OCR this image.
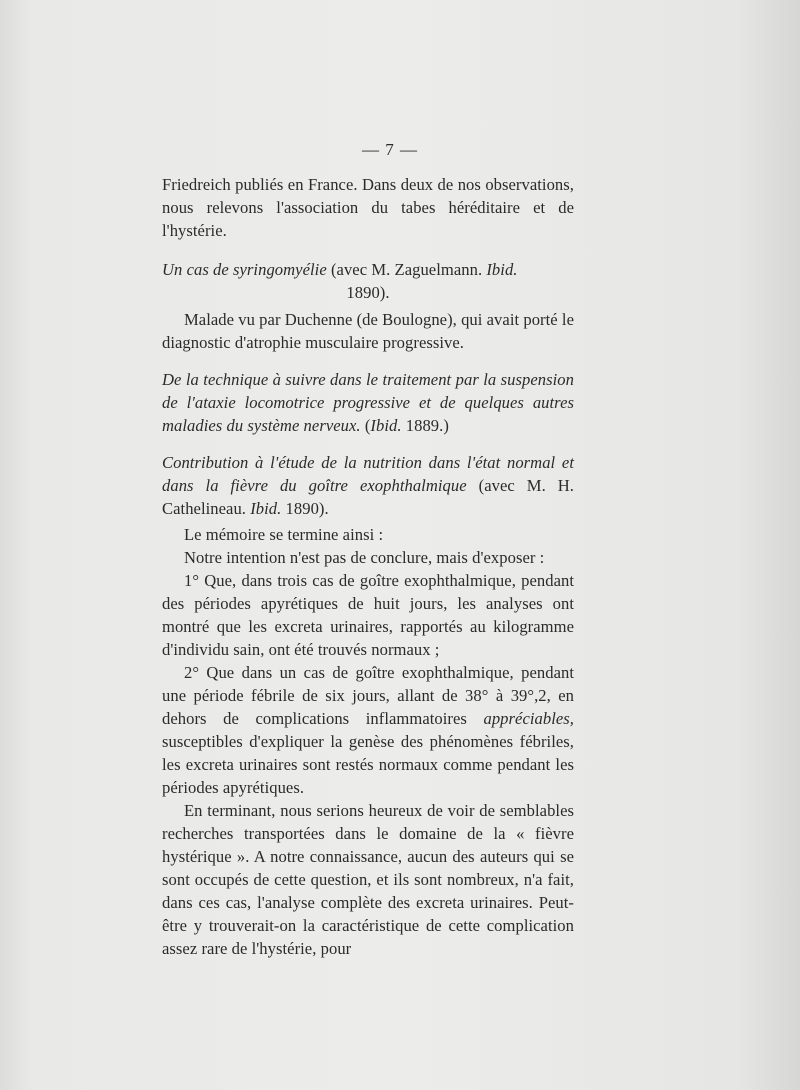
— 7 —

Friedreich publiés en France. Dans deux de nos observations, nous relevons l'association du tabes héréditaire et de l'hystérie.

Un cas de syringomyélie (avec M. Zaguelmann. Ibid.
1890).

Malade vu par Duchenne (de Boulogne), qui avait porté le diagnostic d'atrophie musculaire progressive.

De la technique à suivre dans le traitement par la suspension de l'ataxie locomotrice progressive et de quelques autres maladies du système nerveux. (Ibid. 1889.)

Contribution à l'étude de la nutrition dans l'état normal et dans la fièvre du goître exophthalmique (avec M. H. Cathelineau. Ibid. 1890).

Le mémoire se termine ainsi :

Notre intention n'est pas de conclure, mais d'exposer :

1° Que, dans trois cas de goître exophthalmique, pendant des périodes apyrétiques de huit jours, les analyses ont montré que les excreta urinaires, rapportés au kilogramme d'individu sain, ont été trouvés normaux ;

2° Que dans un cas de goître exophthalmique, pendant une période fébrile de six jours, allant de 38° à 39°,2, en dehors de complications inflammatoires appréciables, susceptibles d'expliquer la genèse des phénomènes fébriles, les excreta urinaires sont restés normaux comme pendant les périodes apyrétiques.

En terminant, nous serions heureux de voir de semblables recherches transportées dans le domaine de la « fièvre hystérique ». A notre connaissance, aucun des auteurs qui se sont occupés de cette question, et ils sont nombreux, n'a fait, dans ces cas, l'analyse complète des excreta urinaires. Peut-être y trouverait-on la caractéristique de cette complication assez rare de l'hystérie, pour
